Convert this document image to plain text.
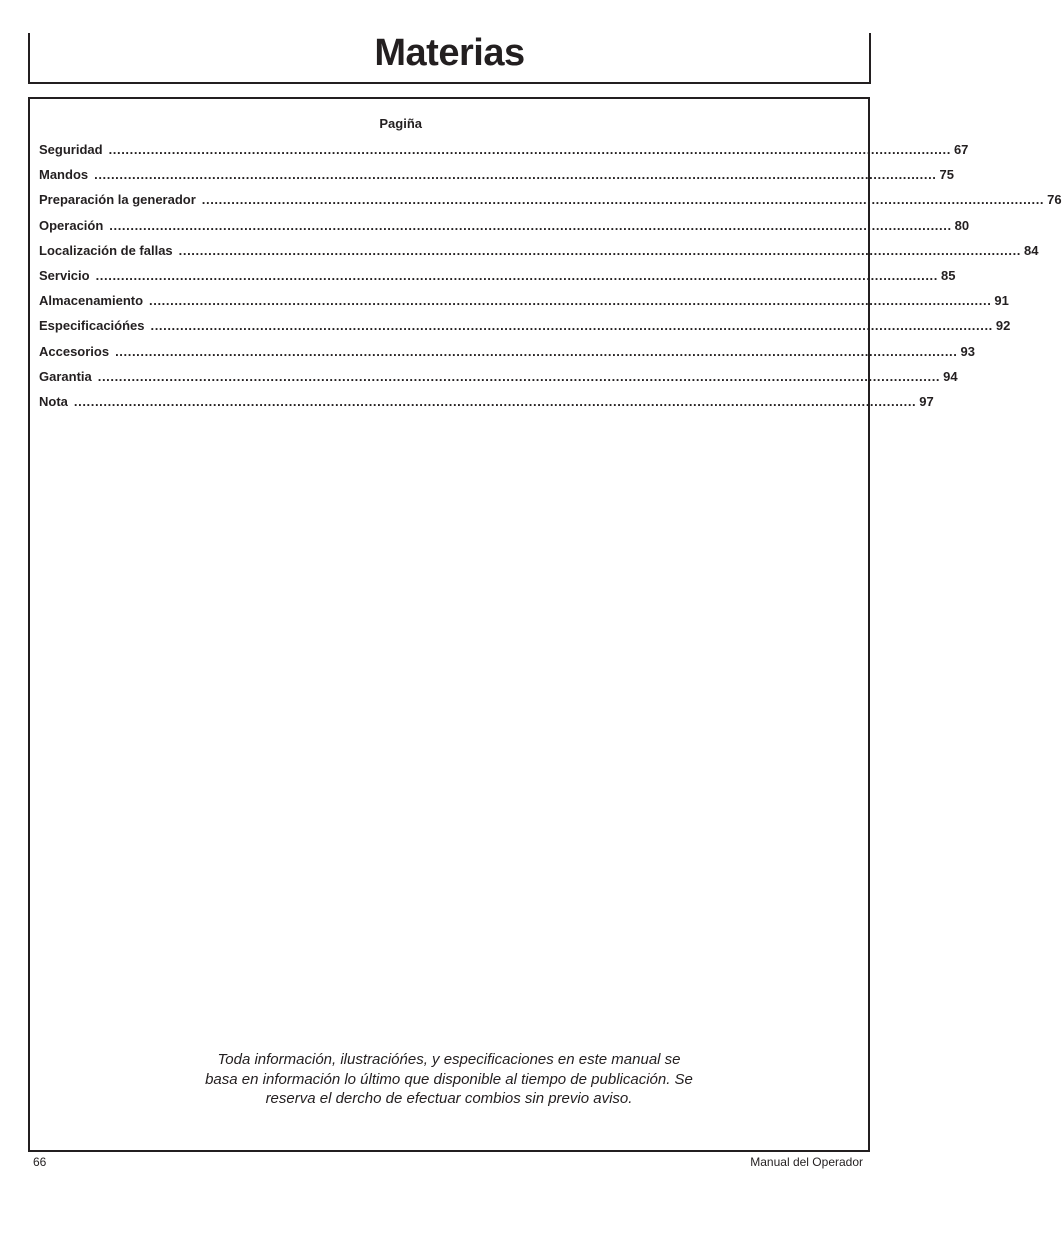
Materias
Pagiña
Seguridad ........................................................................................................................................................................................................ 67
Mandos ........................................................................................................................................................................................................ 75
Preparación la generador ........................................................................................................................................................................................................ 76
Operación ........................................................................................................................................................................................................ 80
Localización de fallas ........................................................................................................................................................................................................ 84
Servicio ........................................................................................................................................................................................................ 85
Almacenamiento ........................................................................................................................................................................................................ 91
Especificacióńes ........................................................................................................................................................................................................ 92
Accesorios ........................................................................................................................................................................................................ 93
Garantia ........................................................................................................................................................................................................ 94
Nota ........................................................................................................................................................................................................ 97
Toda información, ilustracióńes, y especificaciones en este manual se
basa en información lo último que disponible al tiempo de publicación. Se
reserva el dercho de efectuar combios sin previo aviso.
66	Manual del Operador
